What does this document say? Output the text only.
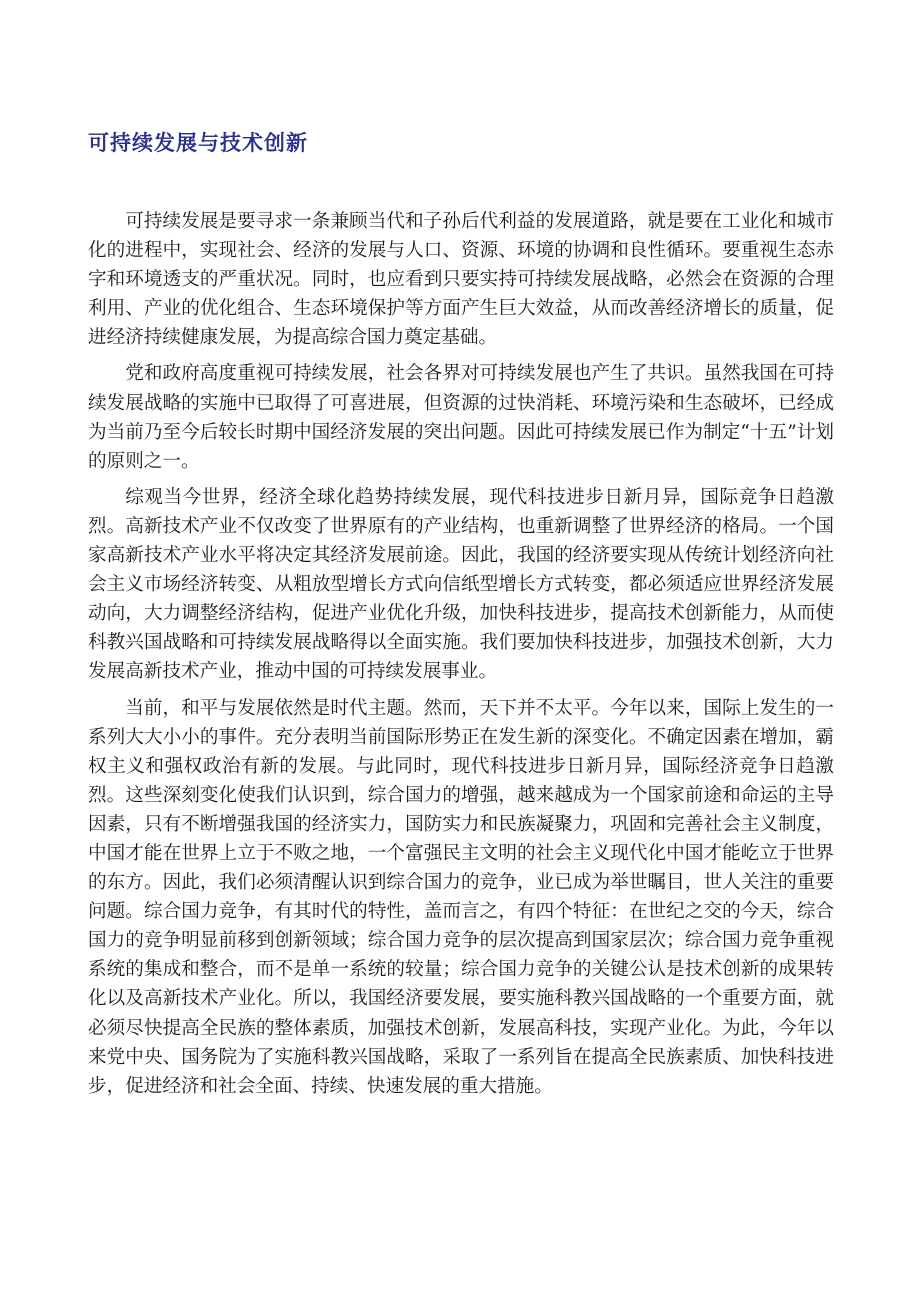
可持续发展与技术创新

可持续发展是要寻求一条兼顾当代和子孙后代利益的发展道路，就是要在工业化和城市化的进程中，实现社会、经济的发展与人口、资源、环境的协调和良性循环。要重视生态赤字和环境透支的严重状况。同时，也应看到只要实持可持续发展战略，必然会在资源的合理利用、产业的优化组合、生态环境保护等方面产生巨大效益，从而改善经济增长的质量，促进经济持续健康发展，为提高综合国力奠定基础。

党和政府高度重视可持续发展，社会各界对可持续发展也产生了共识。虽然我国在可持续发展战略的实施中已取得了可喜进展，但资源的过快消耗、环境污染和生态破坏，已经成为当前乃至今后较长时期中国经济发展的突出问题。因此可持续发展已作为制定“十五”计划的原则之一。

综观当今世界，经济全球化趋势持续发展，现代科技进步日新月异，国际竞争日趋激烈。高新技术产业不仅改变了世界原有的产业结构，也重新调整了世界经济的格局。一个国家高新技术产业水平将决定其经济发展前途。因此，我国的经济要实现从传统计划经济向社会主义市场经济转变、从粗放型增长方式向信纸型增长方式转变，都必须适应世界经济发展动向，大力调整经济结构，促进产业优化升级，加快科技进步，提高技术创新能力，从而使科教兴国战略和可持续发展战略得以全面实施。我们要加快科技进步，加强技术创新，大力发展高新技术产业，推动中国的可持续发展事业。

当前，和平与发展依然是时代主题。然而，天下并不太平。今年以来，国际上发生的一系列大大小小的事件。充分表明当前国际形势正在发生新的深变化。不确定因素在增加，霸权主义和强权政治有新的发展。与此同时，现代科技进步日新月异，国际经济竞争日趋激烈。这些深刻变化使我们认识到，综合国力的增强，越来越成为一个国家前途和命运的主导因素，只有不断增强我国的经济实力，国防实力和民族凝聚力，巩固和完善社会主义制度，中国才能在世界上立于不败之地，一个富强民主文明的社会主义现代化中国才能屹立于世界的东方。因此，我们必须清醒认识到综合国力的竞争，业已成为举世瞩目，世人关注的重要问题。综合国力竞争，有其时代的特性，盖而言之，有四个特征：在世纪之交的今天，综合国力的竞争明显前移到创新领域；综合国力竞争的层次提高到国家层次；综合国力竞争重视系统的集成和整合，而不是单一系统的较量；综合国力竞争的关键公认是技术创新的成果转化以及高新技术产业化。所以，我国经济要发展，要实施科教兴国战略的一个重要方面，就必须尽快提高全民族的整体素质，加强技术创新，发展高科技，实现产业化。为此，今年以来党中央、国务院为了实施科教兴国战略，采取了一系列旨在提高全民族素质、加快科技进步，促进经济和社会全面、持续、快速发展的重大措施。
